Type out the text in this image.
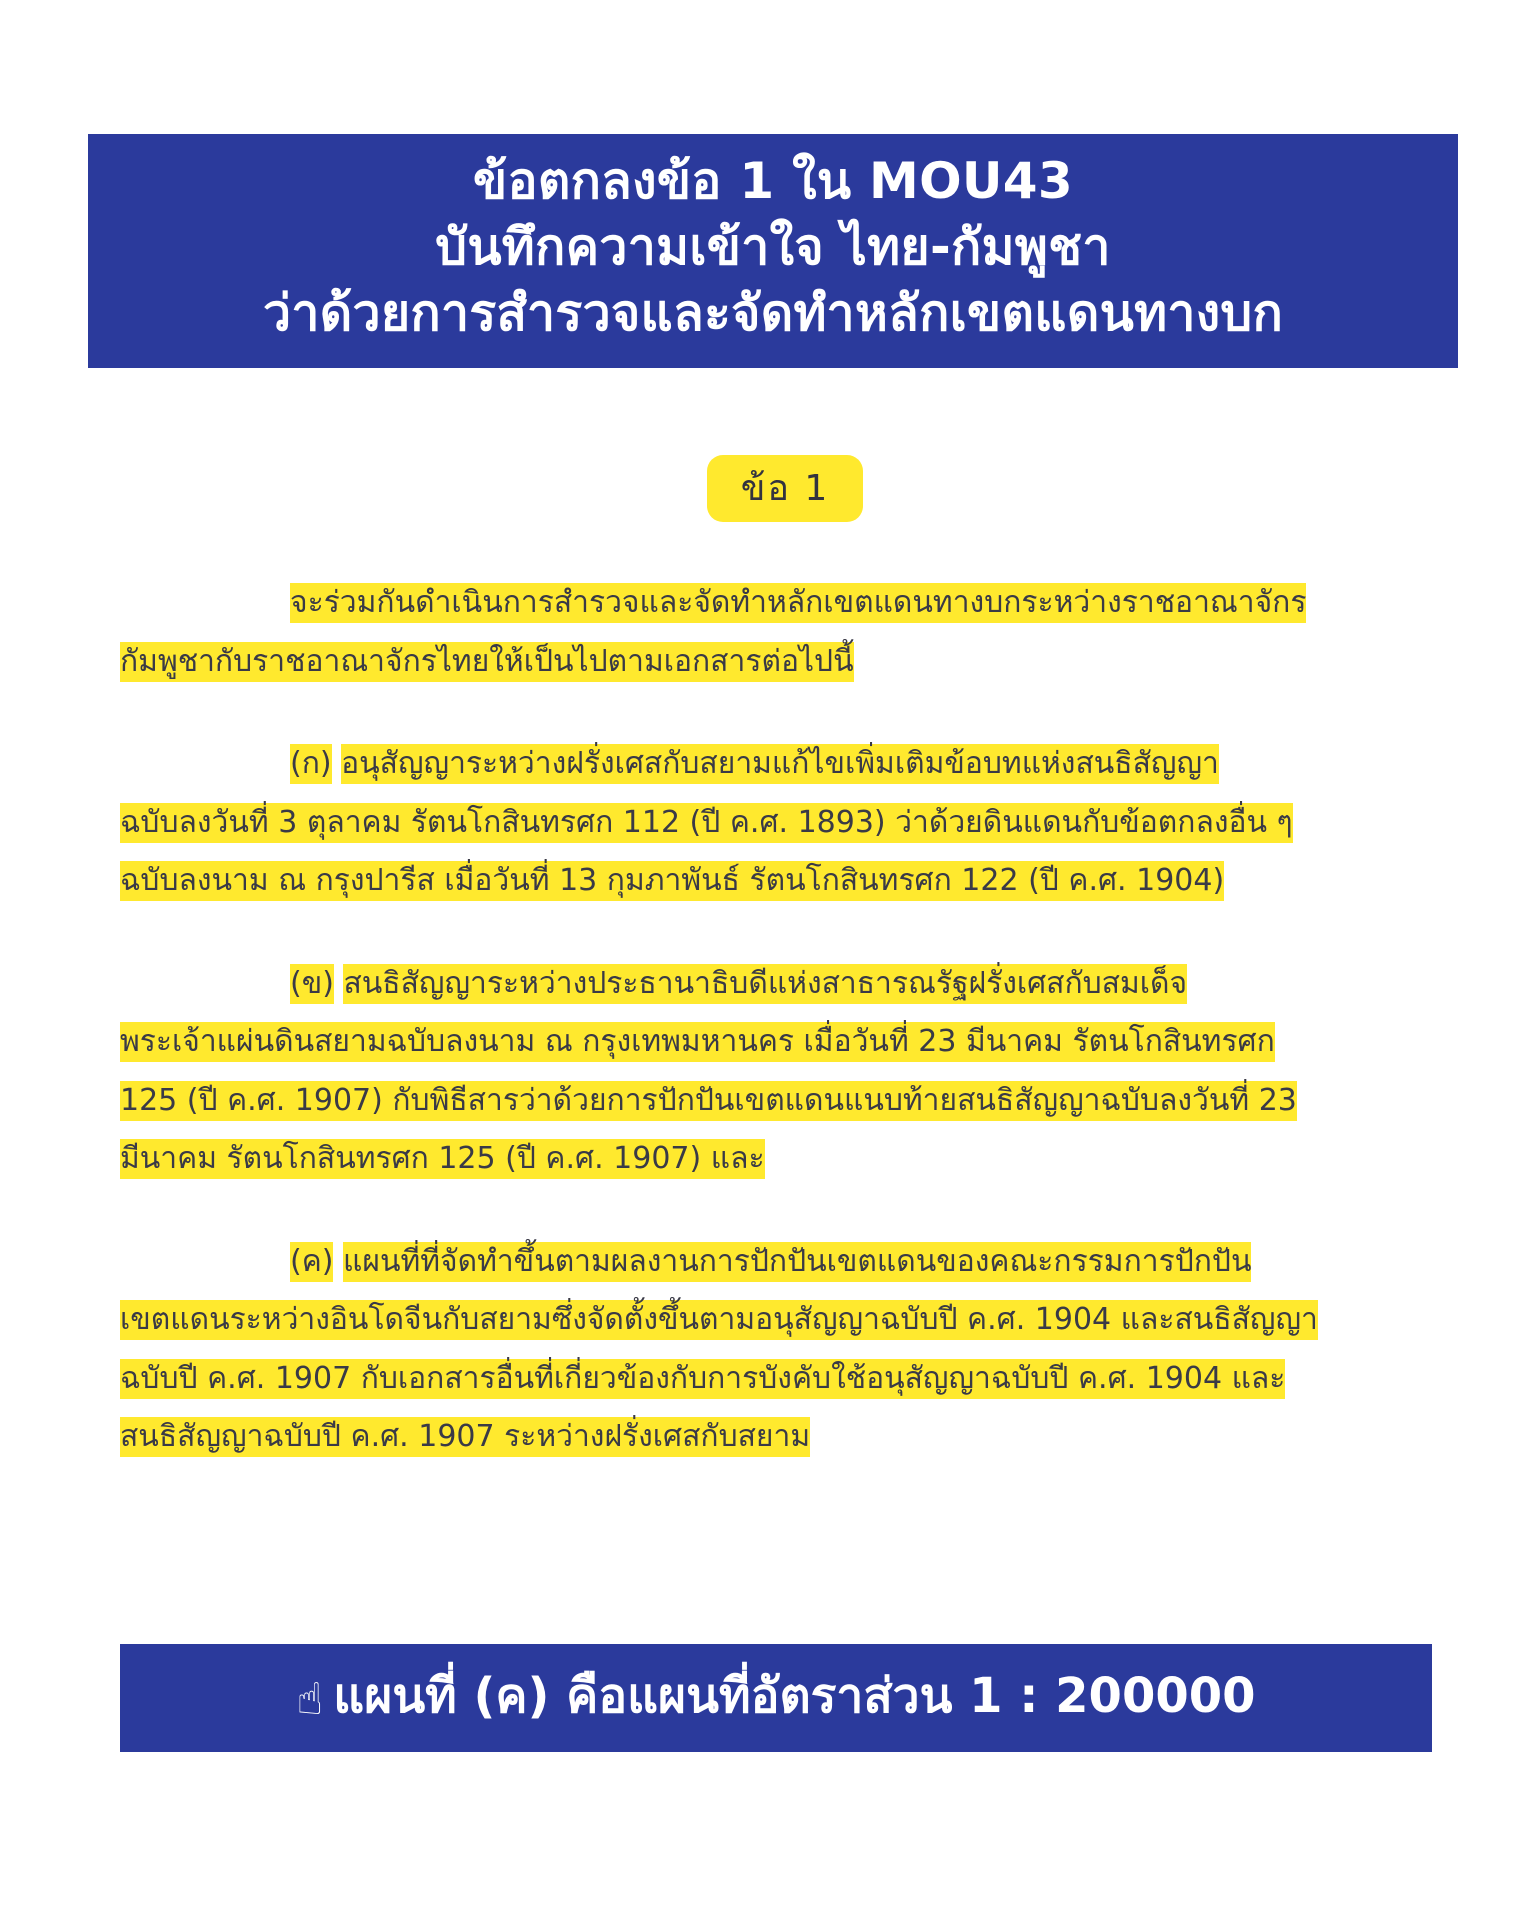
ข้อตกลงข้อ 1 ใน MOU43
บันทึกความเข้าใจ ไทย-กัมพูชา
ว่าด้วยการสำรวจและจัดทำหลักเขตแดนทางบก
ข้อ 1

จะร่วมกันดำเนินการสำรวจและจัดทำหลักเขตแดนทางบกระหว่างราชอาณาจักร

กัมพูชากับราชอาณาจักรไทยให้เป็นไปตามเอกสารต่อไปนี้

(ก) อนุสัญญาระหว่างฝรั่งเศสกับสยามแก้ไขเพิ่มเติมข้อบทแห่งสนธิสัญญา

ฉบับลงวันที่ 3 ตุลาคม รัตนโกสินทรศก 112 (ปี ค.ศ. 1893) ว่าด้วยดินแดนกับข้อตกลงอื่น ๆ

ฉบับลงนาม ณ กรุงปารีส เมื่อวันที่ 13 กุมภาพันธ์ รัตนโกสินทรศก 122 (ปี ค.ศ. 1904)

(ข) สนธิสัญญาระหว่างประธานาธิบดีแห่งสาธารณรัฐฝรั่งเศสกับสมเด็จ

พระเจ้าแผ่นดินสยามฉบับลงนาม ณ กรุงเทพมหานคร เมื่อวันที่ 23 มีนาคม รัตนโกสินทรศก

125 (ปี ค.ศ. 1907) กับพิธีสารว่าด้วยการปักปันเขตแดนแนบท้ายสนธิสัญญาฉบับลงวันที่ 23

มีนาคม รัตนโกสินทรศก 125 (ปี ค.ศ. 1907) และ

(ค) แผนที่ที่จัดทำขึ้นตามผลงานการปักปันเขตแดนของคณะกรรมการปักปัน

เขตแดนระหว่างอินโดจีนกับสยามซึ่งจัดตั้งขึ้นตามอนุสัญญาฉบับปี ค.ศ. 1904 และสนธิสัญญา

ฉบับปี ค.ศ. 1907 กับเอกสารอื่นที่เกี่ยวข้องกับการบังคับใช้อนุสัญญาฉบับปี ค.ศ. 1904 และ

สนธิสัญญาฉบับปี ค.ศ. 1907 ระหว่างฝรั่งเศสกับสยาม

☝ แผนที่ (ค) คือแผนที่อัตราส่วน 1 : 200000
